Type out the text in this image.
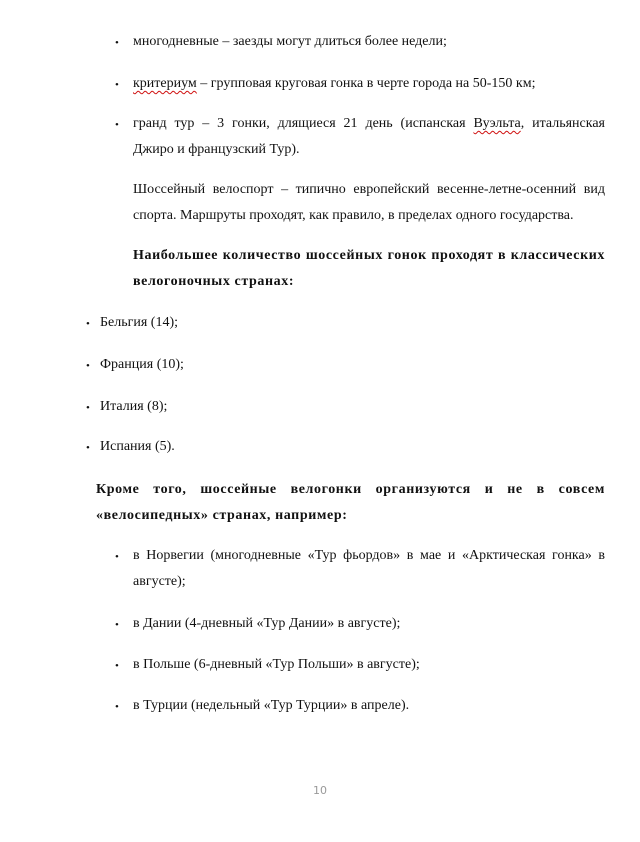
• многодневные – заезды могут длиться более недели;
• критериум – групповая круговая гонка в черте города на 50-150 км;
• гранд тур – 3 гонки, длящиеся 21 день (испанская Вуэльта, итальянская Джиро и французский Тур).
Шоссейный велоспорт – типично европейский весенне-летне-осенний вид спорта. Маршруты проходят, как правило, в пределах одного государства.
Наибольшее количество шоссейных гонок проходят в классических велогоночных странах:
• Бельгия (14);
• Франция (10);
• Италия (8);
• Испания (5).
Кроме того, шоссейные велогонки организуются и не в совсем «велосипедных» странах, например:
• в Норвегии (многодневные «Тур фьордов» в мае и «Арктическая гонка» в августе);
• в Дании (4-дневный «Тур Дании» в августе);
• в Польше (6-дневный «Тур Польши» в августе);
• в Турции (недельный «Тур Турции» в апреле).
10
